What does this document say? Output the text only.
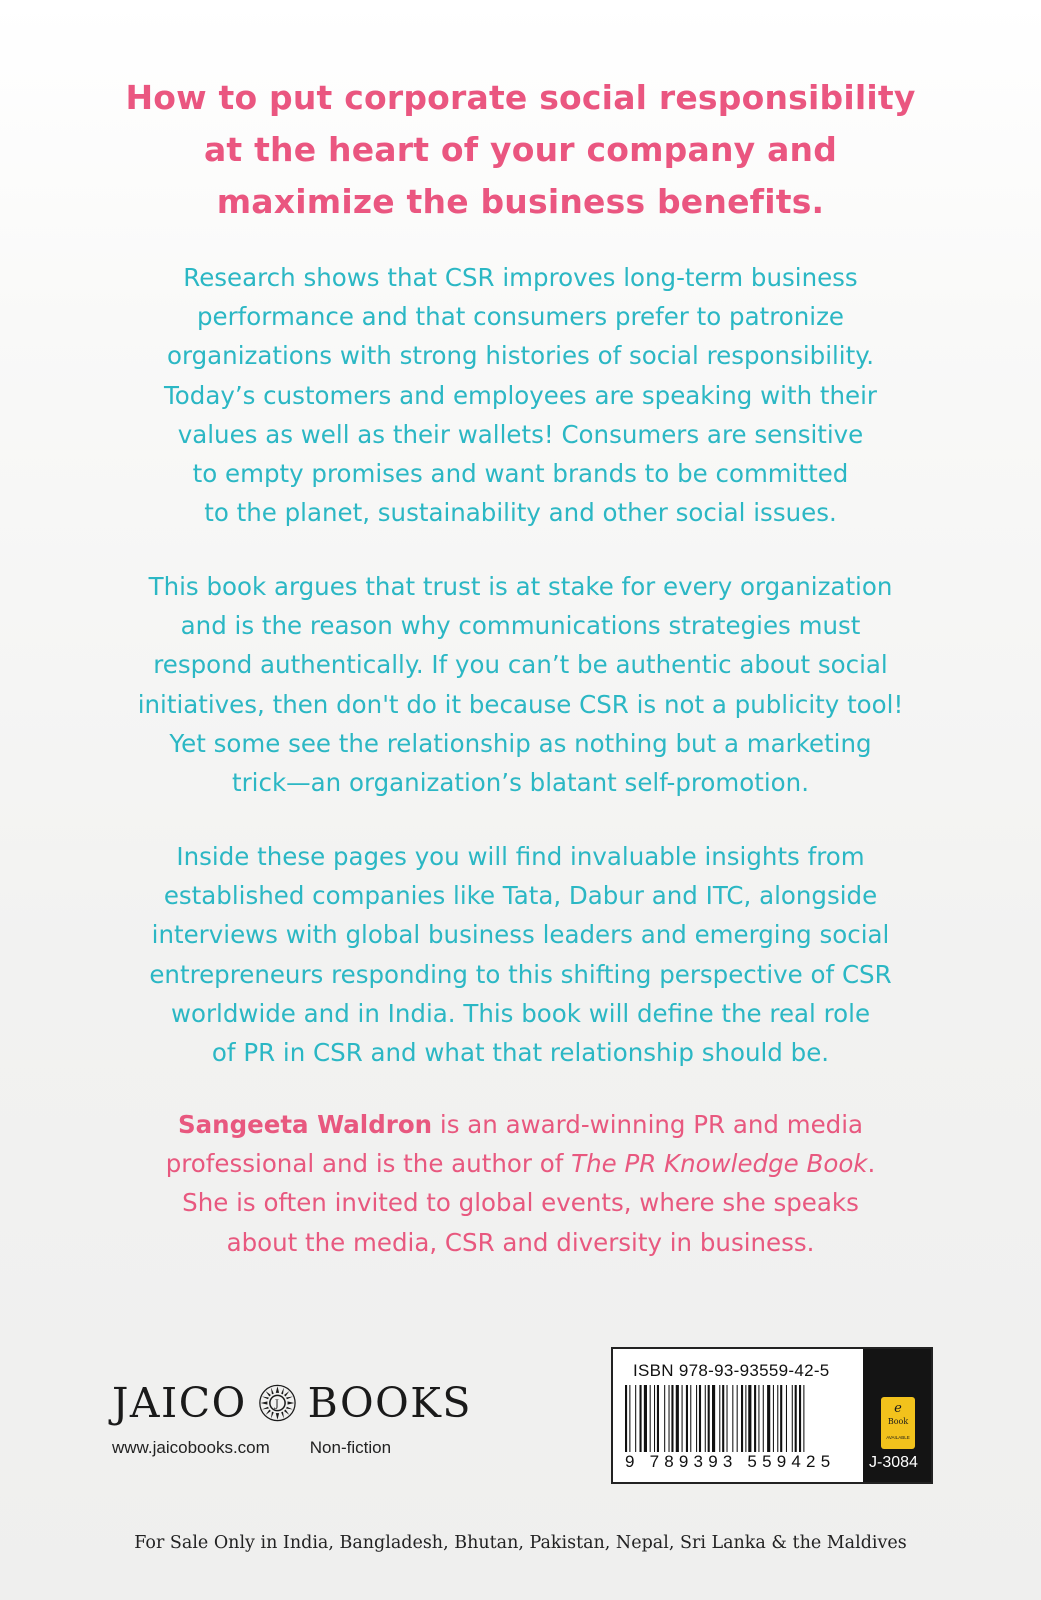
How to put corporate social responsibility
at the heart of your company and
maximize the business benefits.
Research shows that CSR improves long-term business
performance and that consumers prefer to patronize
organizations with strong histories of social responsibility.
Today’s customers and employees are speaking with their
values as well as their wallets! Consumers are sensitive
to empty promises and want brands to be committed
to the planet, sustainability and other social issues.
This book argues that trust is at stake for every organization
and is the reason why communications strategies must
respond authentically. If you can’t be authentic about social
initiatives, then don't do it because CSR is not a publicity tool!
Yet some see the relationship as nothing but a marketing
trick—an organization’s blatant self-promotion.
Inside these pages you will find invaluable insights from
established companies like Tata, Dabur and ITC, alongside
interviews with global business leaders and emerging social
entrepreneurs responding to this shifting perspective of CSR
worldwide and in India. This book will define the real role
of PR in CSR and what that relationship should be.
Sangeeta Waldron is an award-winning PR and media
professional and is the author of The PR Knowledge Book.
She is often invited to global events, where she speaks
about the media, CSR and diversity in business.
JAICO J BOOKS
www.jaicobooks.com Non-fiction
ISBN 978-93-93559-42-5
9 789393 559425
e
Book
AVAILABLE
J-3084
For Sale Only in India, Bangladesh, Bhutan, Pakistan, Nepal, Sri Lanka & the Maldives
